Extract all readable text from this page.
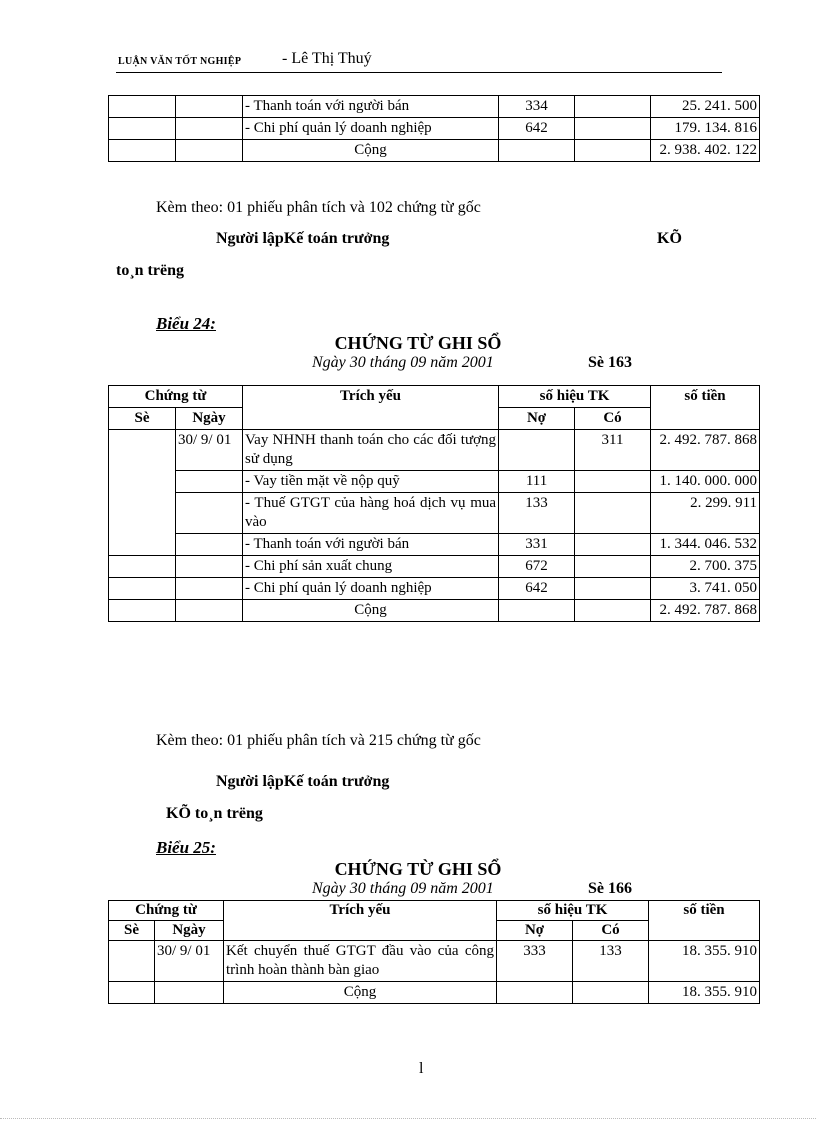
LUẬN VĂN TỐT NGHIỆP	- Lê Thị Thuý
		- Thanh toán với người bán	334		25. 241. 500
		- Chi phí quản lý doanh nghiệp	642		179. 134. 816
		Cộng			2. 938. 402. 122
Kèm theo: 01 phiếu phân tích và 102 chứng từ gốc
Người lậpKế toán trưởng	KÕ
to¸n trëng
Biểu 24:
CHỨNG TỪ GHI SỔ
Ngày 30 tháng 09 năm 2001	Sè 163
Chứng từ		Trích yếu	số hiệu TK		số tiền
Sè	Ngày		Nợ	Có	
	30/ 9/ 01	Vay NHNH thanh toán cho các đối tượng sử dụng		311	2. 492. 787. 868
		- Vay tiền mặt về nộp quỹ	111		1. 140. 000. 000
		- Thuế GTGT của hàng hoá dịch vụ mua vào	133		2. 299. 911
		- Thanh toán với người bán	331		1. 344. 046. 532
		- Chi phí sản xuất chung	672		2. 700. 375
		- Chi phí quản lý doanh nghiệp	642		3. 741. 050
		Cộng			2. 492. 787. 868
Kèm theo: 01 phiếu phân tích và 215 chứng từ gốc
Người lậpKế toán trưởng
KÕ to¸n trëng
Biểu 25:
CHỨNG TỪ GHI SỔ
Ngày 30 tháng 09 năm 2001	Sè 166
Chứng từ		Trích yếu	số hiệu TK		số tiền
Sè	Ngày		Nợ	Có	
	30/ 9/ 01	Kết chuyển thuế GTGT đầu vào của công trình hoàn thành bàn giao	333	133	18. 355. 910
		Cộng			18. 355. 910
l
